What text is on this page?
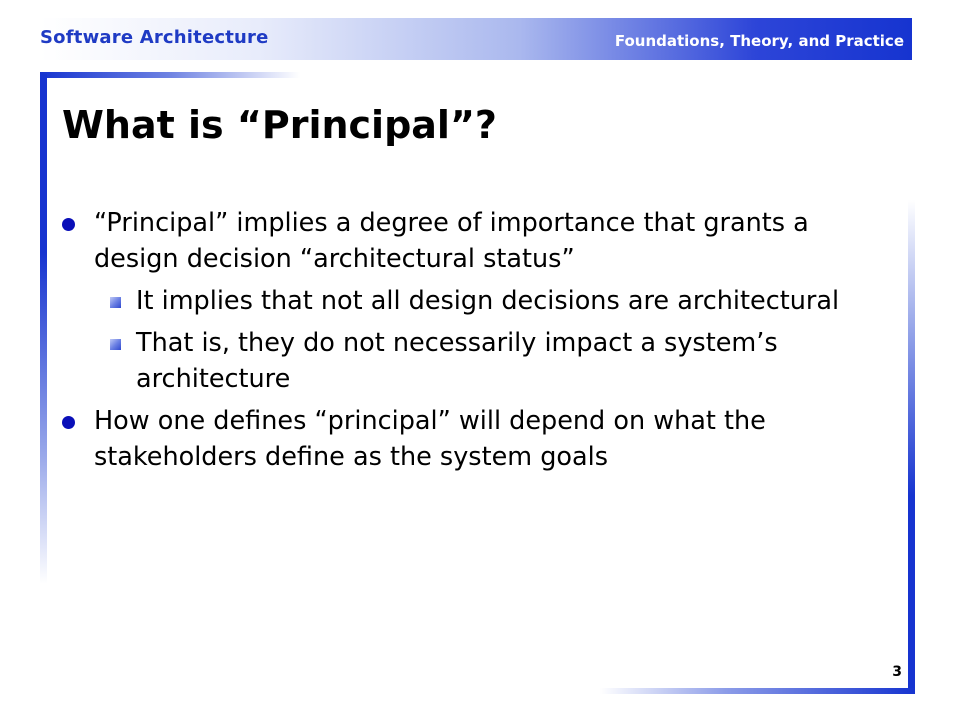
Software Architecture	Foundations, Theory, and Practice
What is “Principal”?
“Principal” implies a degree of importance that grants a design decision “architectural status”
It implies that not all design decisions are architectural
That is, they do not necessarily impact a system’s architecture
How one defines “principal” will depend on what the stakeholders define as the system goals
3
